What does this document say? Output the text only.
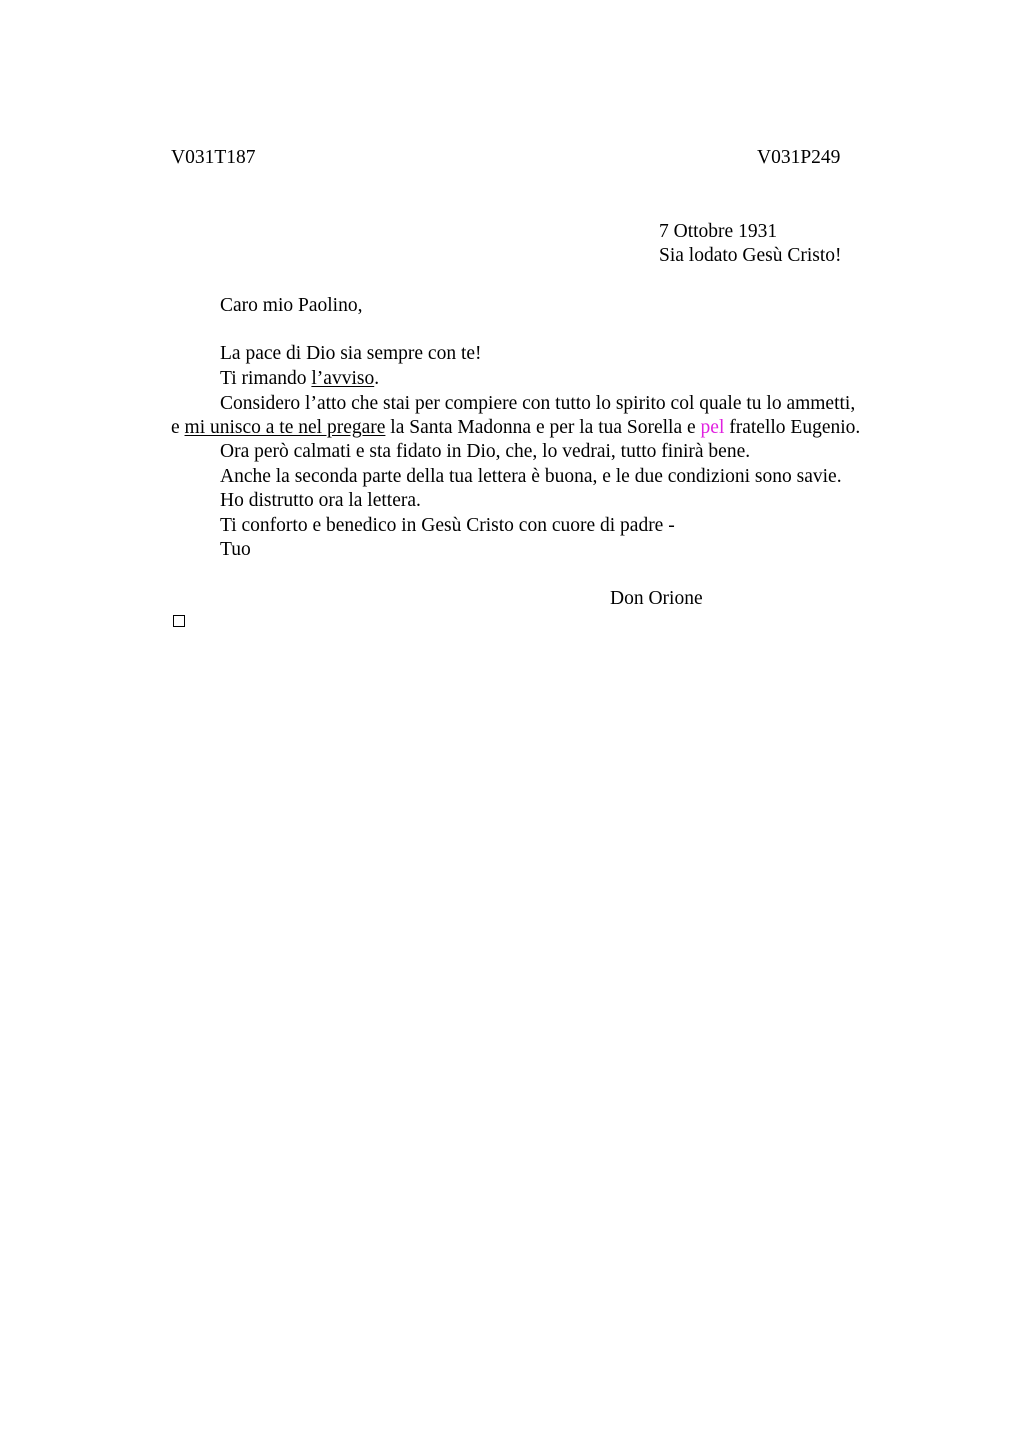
V031T187	V031P249
7 Ottobre 1931
Sia lodato Gesù Cristo!
Caro mio Paolino,
La pace di Dio sia sempre con te!
Ti rimando l’avviso.
Considero l’atto che stai per compiere con tutto lo spirito col quale tu lo ammetti,
e mi unisco a te nel pregare la Santa Madonna e per la tua Sorella e pel fratello Eugenio.
Ora però calmati e sta fidato in Dio, che, lo vedrai, tutto finirà bene.
Anche la seconda parte della tua lettera è buona, e le due condizioni sono savie.
Ho distrutto ora la lettera.
Ti conforto e benedico in Gesù Cristo con cuore di padre -
Tuo
Don Orione
